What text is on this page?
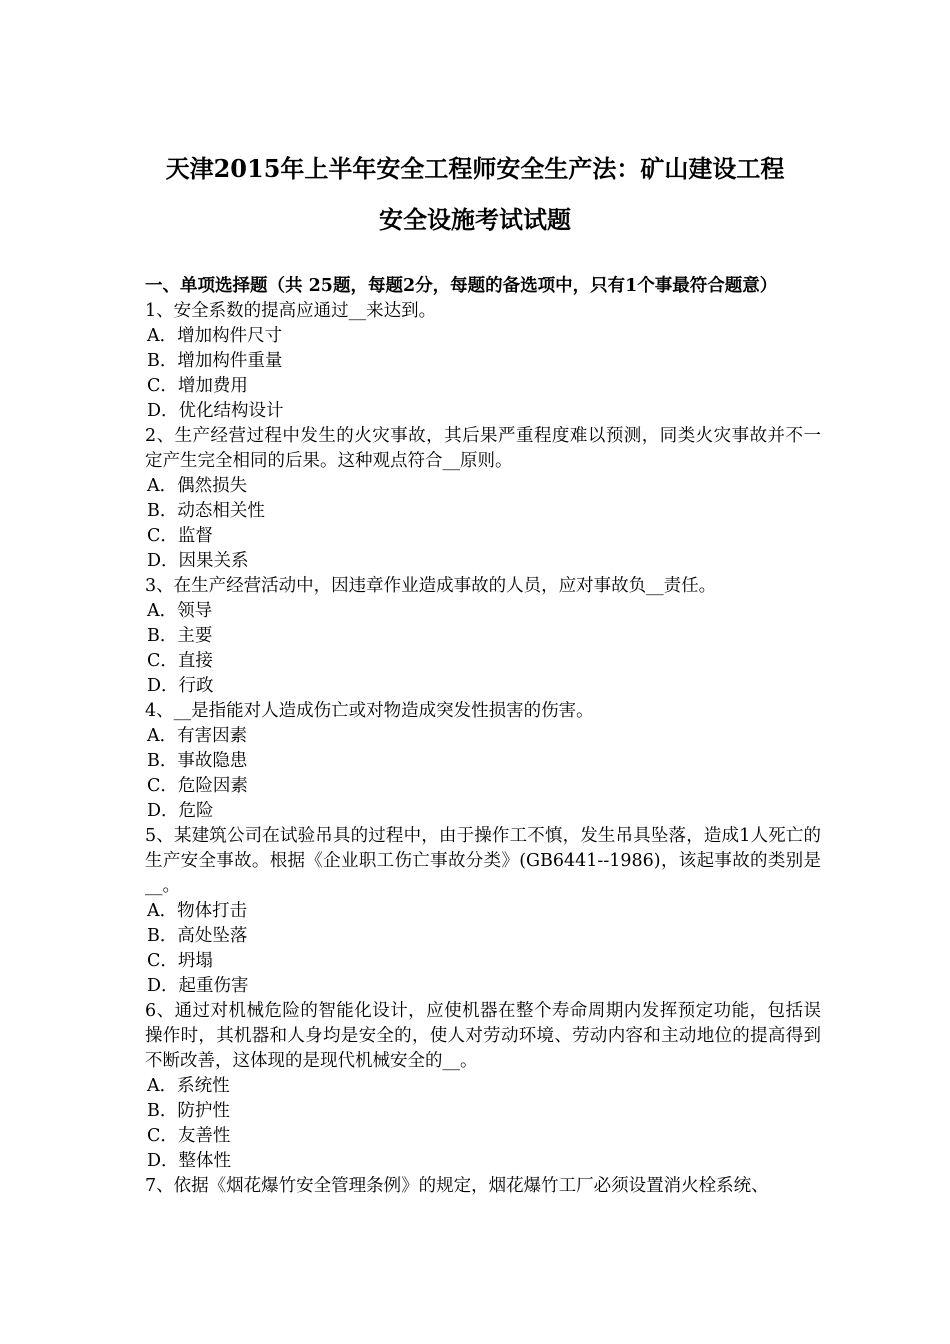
天津2015年上半年安全工程师安全生产法：矿山建设工程
安全设施考试试题

一、单项选择题（共 25题，每题2分，每题的备选项中，只有1个事最符合题意）

1、安全系数的提高应通过__来达到。

A．增加构件尺寸

B．增加构件重量

C．增加费用

D．优化结构设计

2、生产经营过程中发生的火灾事故，其后果严重程度难以预测，同类火灾事故并不一定产生完全相同的后果。这种观点符合__原则。

A．偶然损失

B．动态相关性

C．监督

D．因果关系

3、在生产经营活动中，因违章作业造成事故的人员，应对事故负__责任。

A．领导

B．主要

C．直接

D．行政

4、__是指能对人造成伤亡或对物造成突发性损害的伤害。

A．有害因素

B．事故隐患

C．危险因素

D．危险

5、某建筑公司在试验吊具的过程中，由于操作工不慎，发生吊具坠落，造成1人死亡的生产安全事故。根据《企业职工伤亡事故分类》(GB6441--1986)，该起事故的类别是__。

A．物体打击

B．高处坠落

C．坍塌

D．起重伤害

6、通过对机械危险的智能化设计，应使机器在整个寿命周期内发挥预定功能，包括误操作时，其机器和人身均是安全的，使人对劳动环境、劳动内容和主动地位的提高得到不断改善，这体现的是现代机械安全的__。

A．系统性

B．防护性

C．友善性

D．整体性

7、依据《烟花爆竹安全管理条例》的规定，烟花爆竹工厂必须设置消火栓系统、
